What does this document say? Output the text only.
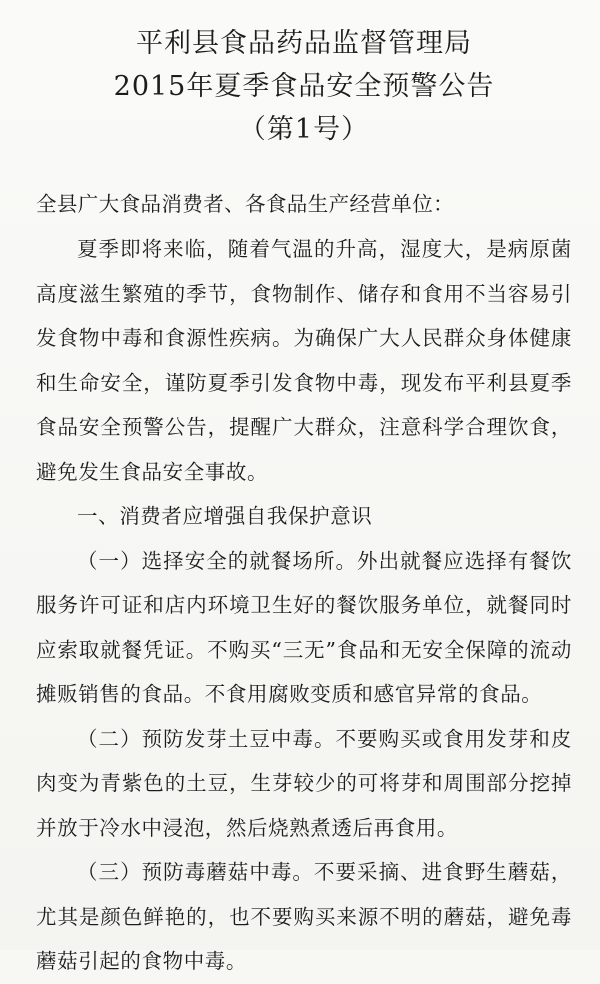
平利县食品药品监督管理局
2015年夏季食品安全预警公告
（第1号）
全县广大食品消费者、各食品生产经营单位：

夏季即将来临，随着气温的升高，湿度大，是病原菌高度滋生繁殖的季节，食物制作、储存和食用不当容易引发食物中毒和食源性疾病。为确保广大人民群众身体健康和生命安全，谨防夏季引发食物中毒，现发布平利县夏季食品安全预警公告，提醒广大群众，注意科学合理饮食，避免发生食品安全事故。

一、消费者应增强自我保护意识

（一）选择安全的就餐场所。外出就餐应选择有餐饮服务许可证和店内环境卫生好的餐饮服务单位，就餐同时应索取就餐凭证。不购买“三无”食品和无安全保障的流动摊贩销售的食品。不食用腐败变质和感官异常的食品。

（二）预防发芽土豆中毒。不要购买或食用发芽和皮肉变为青紫色的土豆，生芽较少的可将芽和周围部分挖掉并放于冷水中浸泡，然后烧熟煮透后再食用。

（三）预防毒蘑菇中毒。不要采摘、进食野生蘑菇，尤其是颜色鲜艳的，也不要购买来源不明的蘑菇，避免毒蘑菇引起的食物中毒。
